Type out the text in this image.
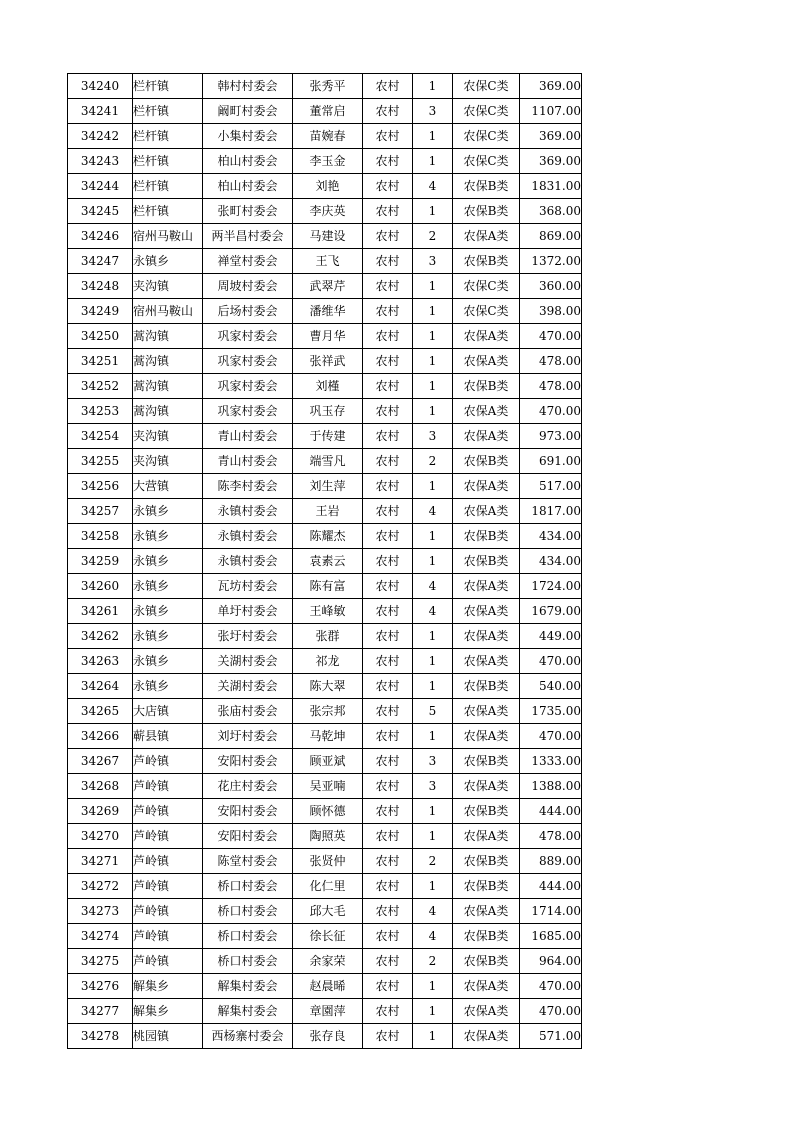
34240	栏杆镇	韩村村委会	张秀平	农村	1	农保C类	369.00
34241	栏杆镇	阚町村委会	董常启	农村	3	农保C类	1107.00
34242	栏杆镇	小集村委会	苗婉春	农村	1	农保C类	369.00
34243	栏杆镇	柏山村委会	李玉金	农村	1	农保C类	369.00
34244	栏杆镇	柏山村委会	刘艳	农村	4	农保B类	1831.00
34245	栏杆镇	张町村委会	李庆英	农村	1	农保B类	368.00
34246	宿州马鞍山	两半昌村委会	马建设	农村	2	农保A类	869.00
34247	永镇乡	禅堂村委会	王飞	农村	3	农保B类	1372.00
34248	夹沟镇	周坡村委会	武翠芹	农村	1	农保C类	360.00
34249	宿州马鞍山	后场村委会	潘维华	农村	1	农保C类	398.00
34250	蒿沟镇	巩家村委会	曹月华	农村	1	农保A类	470.00
34251	蒿沟镇	巩家村委会	张祥武	农村	1	农保A类	478.00
34252	蒿沟镇	巩家村委会	刘槿	农村	1	农保B类	478.00
34253	蒿沟镇	巩家村委会	巩玉存	农村	1	农保A类	470.00
34254	夹沟镇	青山村委会	于传建	农村	3	农保A类	973.00
34255	夹沟镇	青山村委会	端雪凡	农村	2	农保B类	691.00
34256	大营镇	陈李村委会	刘生萍	农村	1	农保A类	517.00
34257	永镇乡	永镇村委会	王岩	农村	4	农保A类	1817.00
34258	永镇乡	永镇村委会	陈耀杰	农村	1	农保B类	434.00
34259	永镇乡	永镇村委会	袁素云	农村	1	农保B类	434.00
34260	永镇乡	瓦坊村委会	陈有富	农村	4	农保A类	1724.00
34261	永镇乡	单圩村委会	王峰敏	农村	4	农保A类	1679.00
34262	永镇乡	张圩村委会	张群	农村	1	农保A类	449.00
34263	永镇乡	关湖村委会	祁龙	农村	1	农保A类	470.00
34264	永镇乡	关湖村委会	陈大翠	农村	1	农保B类	540.00
34265	大店镇	张庙村委会	张宗邦	农村	5	农保A类	1735.00
34266	蕲县镇	刘圩村委会	马乾坤	农村	1	农保A类	470.00
34267	芦岭镇	安阳村委会	顾亚斌	农村	3	农保B类	1333.00
34268	芦岭镇	花庄村委会	吴亚喃	农村	3	农保A类	1388.00
34269	芦岭镇	安阳村委会	顾怀德	农村	1	农保B类	444.00
34270	芦岭镇	安阳村委会	陶照英	农村	1	农保A类	478.00
34271	芦岭镇	陈堂村委会	张贤仲	农村	2	农保B类	889.00
34272	芦岭镇	桥口村委会	化仁里	农村	1	农保B类	444.00
34273	芦岭镇	桥口村委会	邱大毛	农村	4	农保A类	1714.00
34274	芦岭镇	桥口村委会	徐长征	农村	4	农保B类	1685.00
34275	芦岭镇	桥口村委会	余家荣	农村	2	农保B类	964.00
34276	解集乡	解集村委会	赵晨晞	农村	1	农保A类	470.00
34277	解集乡	解集村委会	章園萍	农村	1	农保A类	470.00
34278	桃园镇	西杨寨村委会	张存良	农村	1	农保A类	571.00
